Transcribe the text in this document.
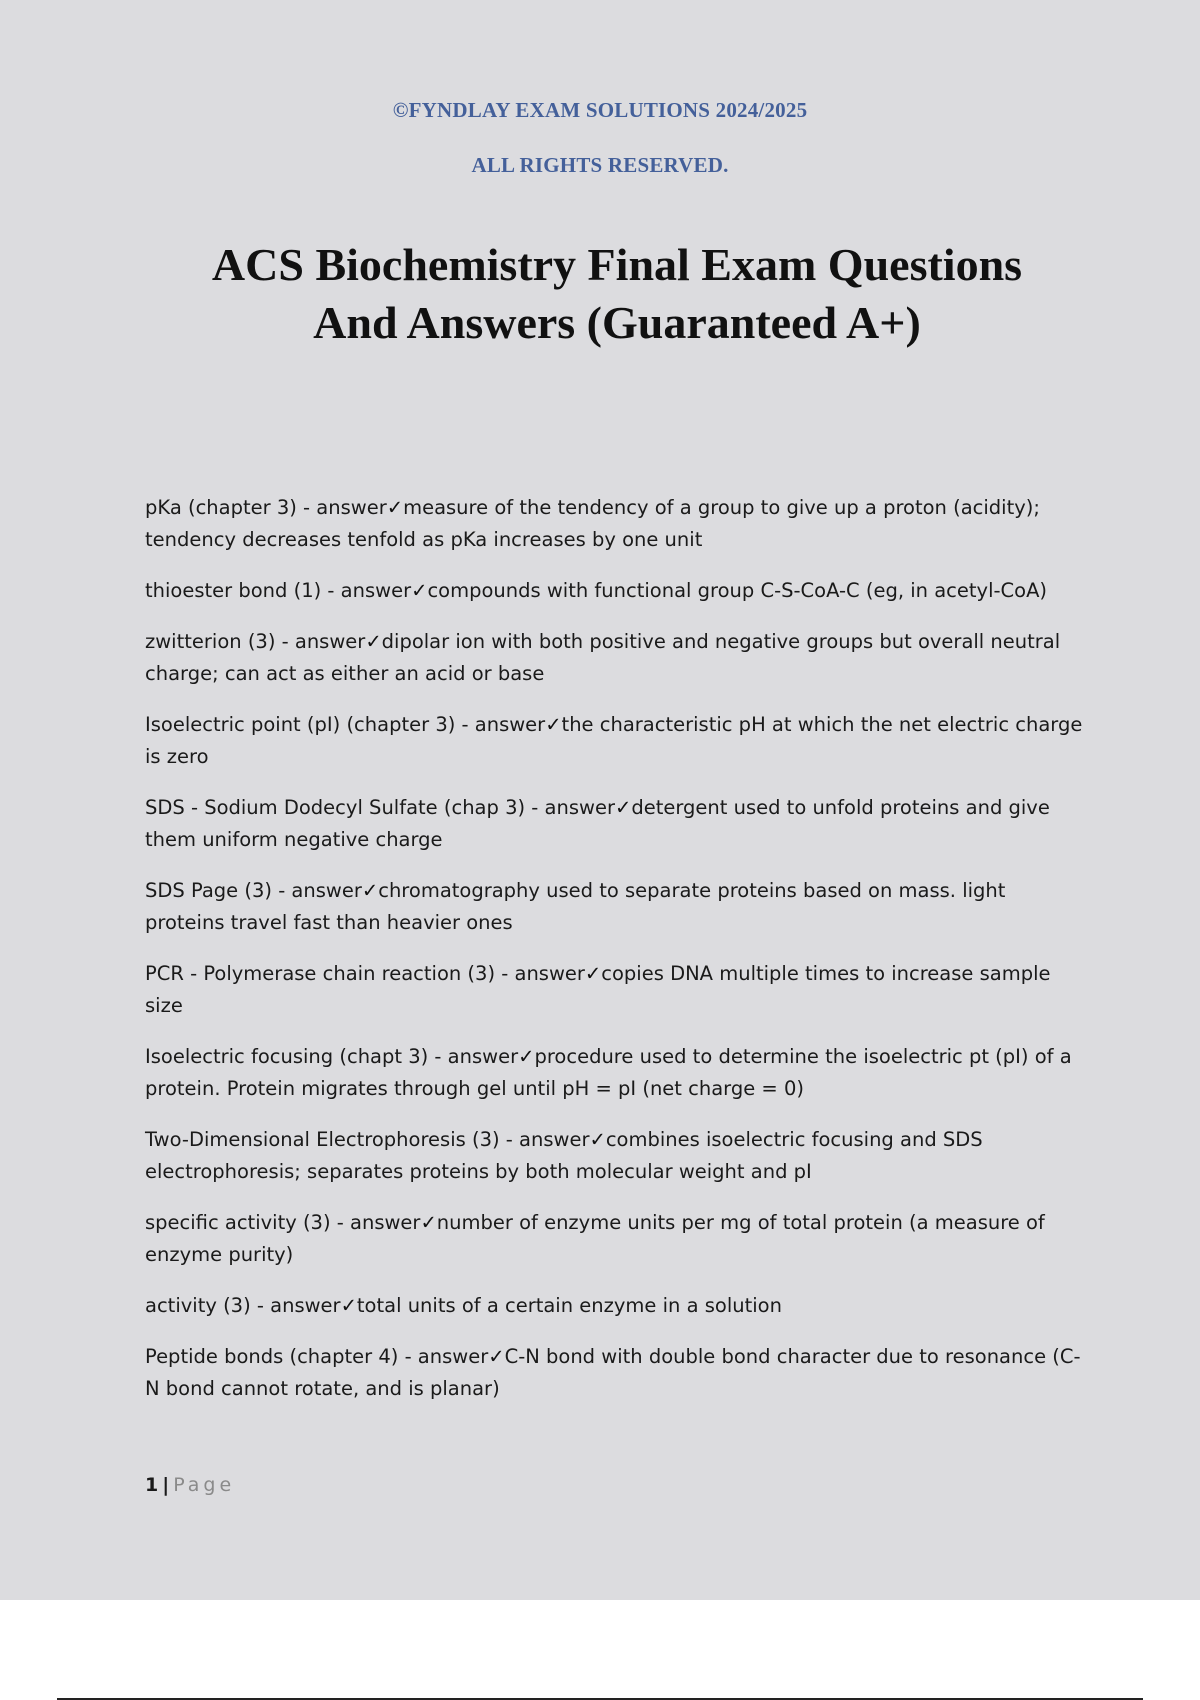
©FYNDLAY EXAM SOLUTIONS 2024/2025
ALL RIGHTS RESERVED.
ACS Biochemistry Final Exam Questions
And Answers (Guaranteed A+)

pKa (chapter 3) - answer✓measure of the tendency of a group to give up a proton (acidity); tendency decreases tenfold as pKa increases by one unit

thioester bond (1) - answer✓compounds with functional group C-S-CoA-C (eg, in acetyl-CoA)

zwitterion (3) - answer✓dipolar ion with both positive and negative groups but overall neutral charge; can act as either an acid or base

Isoelectric point (pI) (chapter 3) - answer✓the characteristic pH at which the net electric charge is zero

SDS - Sodium Dodecyl Sulfate (chap 3) - answer✓detergent used to unfold proteins and give them uniform negative charge

SDS Page (3) - answer✓chromatography used to separate proteins based on mass. light proteins travel fast than heavier ones

PCR - Polymerase chain reaction (3) - answer✓copies DNA multiple times to increase sample size

Isoelectric focusing (chapt 3) - answer✓procedure used to determine the isoelectric pt (pI) of a protein. Protein migrates through gel until pH = pI (net charge = 0)

Two-Dimensional Electrophoresis (3) - answer✓combines isoelectric focusing and SDS electrophoresis; separates proteins by both molecular weight and pI

specific activity (3) - answer✓number of enzyme units per mg of total protein (a measure of enzyme purity)

activity (3) - answer✓total units of a certain enzyme in a solution

Peptide bonds (chapter 4) - answer✓C-N bond with double bond character due to resonance (C-N bond cannot rotate, and is planar)

1 | Page
